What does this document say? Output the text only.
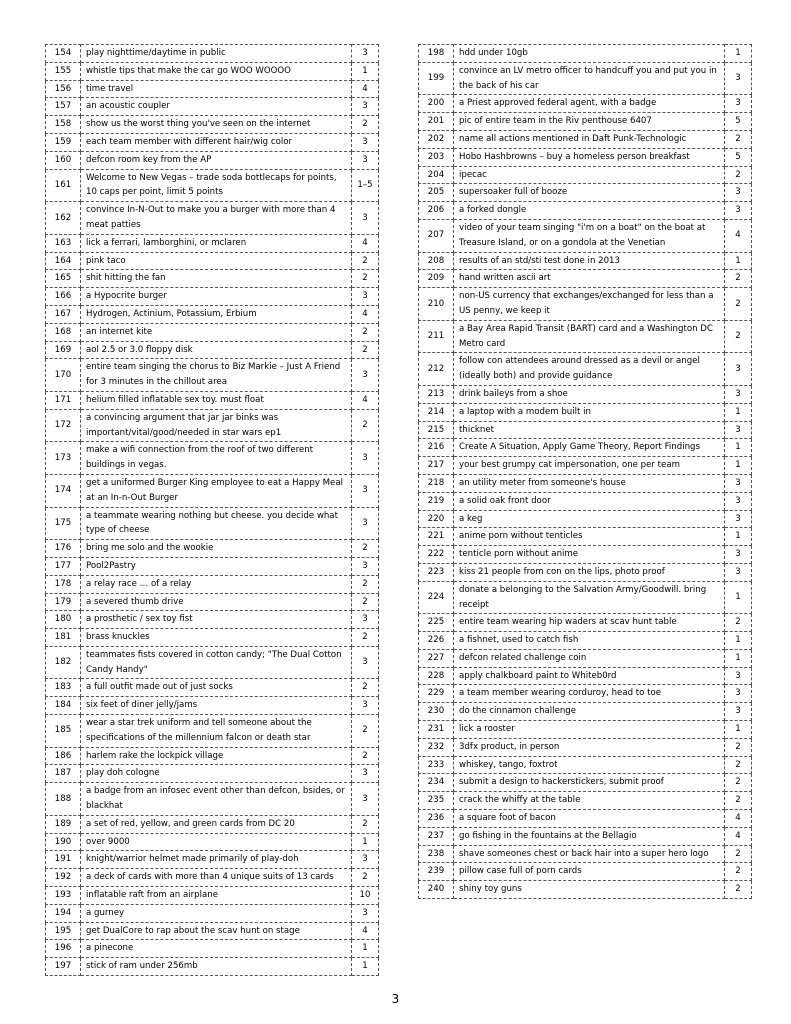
154	play nighttime/daytime in public	3
155	whistle tips that make the car go WOO WOOOO	1
156	time travel	4
157	an acoustic coupler	3
158	show us the worst thing you've seen on the internet	2
159	each team member with different hair/wig color	3
160	defcon room key from the AP	3
161	Welcome to New Vegas – trade soda bottlecaps for points, 10 caps per point, limit 5 points	1–5
162	convince In-N-Out to make you a burger with more than 4 meat patties	3
163	lick a ferrari, lamborghini, or mclaren	4
164	pink taco	2
165	shit hitting the fan	2
166	a Hypocrite burger	3
167	Hydrogen, Actinium, Potassium, Erbium	4
168	an internet kite	2
169	aol 2.5 or 3.0 floppy disk	2
170	entire team singing the chorus to Biz Markie – Just A Friend for 3 minutes in the chillout area	3
171	helium filled inflatable sex toy. must float	4
172	a convincing argument that jar jar binks was important/vital/good/needed in star wars ep1	2
173	make a wifi connection from the roof of two different buildings in vegas.	3
174	get a uniformed Burger King employee to eat a Happy Meal at an In-n-Out Burger	3
175	a teammate wearing nothing but cheese. you decide what type of cheese	3
176	bring me solo and the wookie	2
177	Pool2Pastry	3
178	a relay race … of a relay	2
179	a severed thumb drive	2
180	a prosthetic / sex toy fist	3
181	brass knuckles	2
182	teammates fists covered in cotton candy; "The Dual Cotton Candy Handy"	3
183	a full outfit made out of just socks	2
184	six feet of diner jelly/jams	3
185	wear a star trek uniform and tell someone about the specifications of the millennium falcon or death star	2
186	harlem rake the lockpick village	2
187	play doh cologne	3
188	a badge from an infosec event other than defcon, bsides, or blackhat	3
189	a set of red, yellow, and green cards from DC 20	2
190	over 9000	1
191	knight/warrior helmet made primarily of play-doh	3
192	a deck of cards with more than 4 unique suits of 13 cards	2
193	inflatable raft from an airplane	10
194	a gurney	3
195	get DualCore to rap about the scav hunt on stage	4
196	a pinecone	1
197	stick of ram under 256mb	1
198	hdd under 10gb	1
199	convince an LV metro officer to handcuff you and put you in the back of his car	3
200	a Priest approved federal agent, with a badge	3
201	pic of entire team in the Riv penthouse 6407	5
202	name all actions mentioned in Daft Punk-Technologic	2
203	Hobo Hashbrowns – buy a homeless person breakfast	5
204	ipecac	2
205	supersoaker full of booze	3
206	a forked dongle	3
207	video of your team singing "i'm on a boat" on the boat at Treasure Island, or on a gondola at the Venetian	4
208	results of an std/sti test done in 2013	1
209	hand written ascii art	2
210	non-US currency that exchanges/exchanged for less than a US penny, we keep it	2
211	a Bay Area Rapid Transit (BART) card and a Washington DC Metro card	2
212	follow con attendees around dressed as a devil or angel (ideally both) and provide guidance	3
213	drink baileys from a shoe	3
214	a laptop with a modem built in	1
215	thicknet	3
216	Create A Situation, Apply Game Theory, Report Findings	1
217	your best grumpy cat impersonation, one per team	1
218	an utility meter from someone's house	3
219	a solid oak front door	3
220	a keg	3
221	anime porn without tenticles	1
222	tenticle porn without anime	3
223	kiss 21 people from con on the lips, photo proof	3
224	donate a belonging to the Salvation Army/Goodwill. bring receipt	1
225	entire team wearing hip waders at scav hunt table	2
226	a fishnet, used to catch fish	1
227	defcon related challenge coin	1
228	apply chalkboard paint to Whiteb0rd	3
229	a team member wearing corduroy, head to toe	3
230	do the cinnamon challenge	3
231	lick a rooster	1
232	3dfx product, in person	2
233	whiskey, tango, foxtrot	2
234	submit a design to hackerstickers, submit proof	2
235	crack the whiffy at the table	2
236	a square foot of bacon	4
237	go fishing in the fountains at the Bellagio	4
238	shave someones chest or back hair into a super hero logo	2
239	pillow case full of porn cards	2
240	shiny toy guns	2
3
